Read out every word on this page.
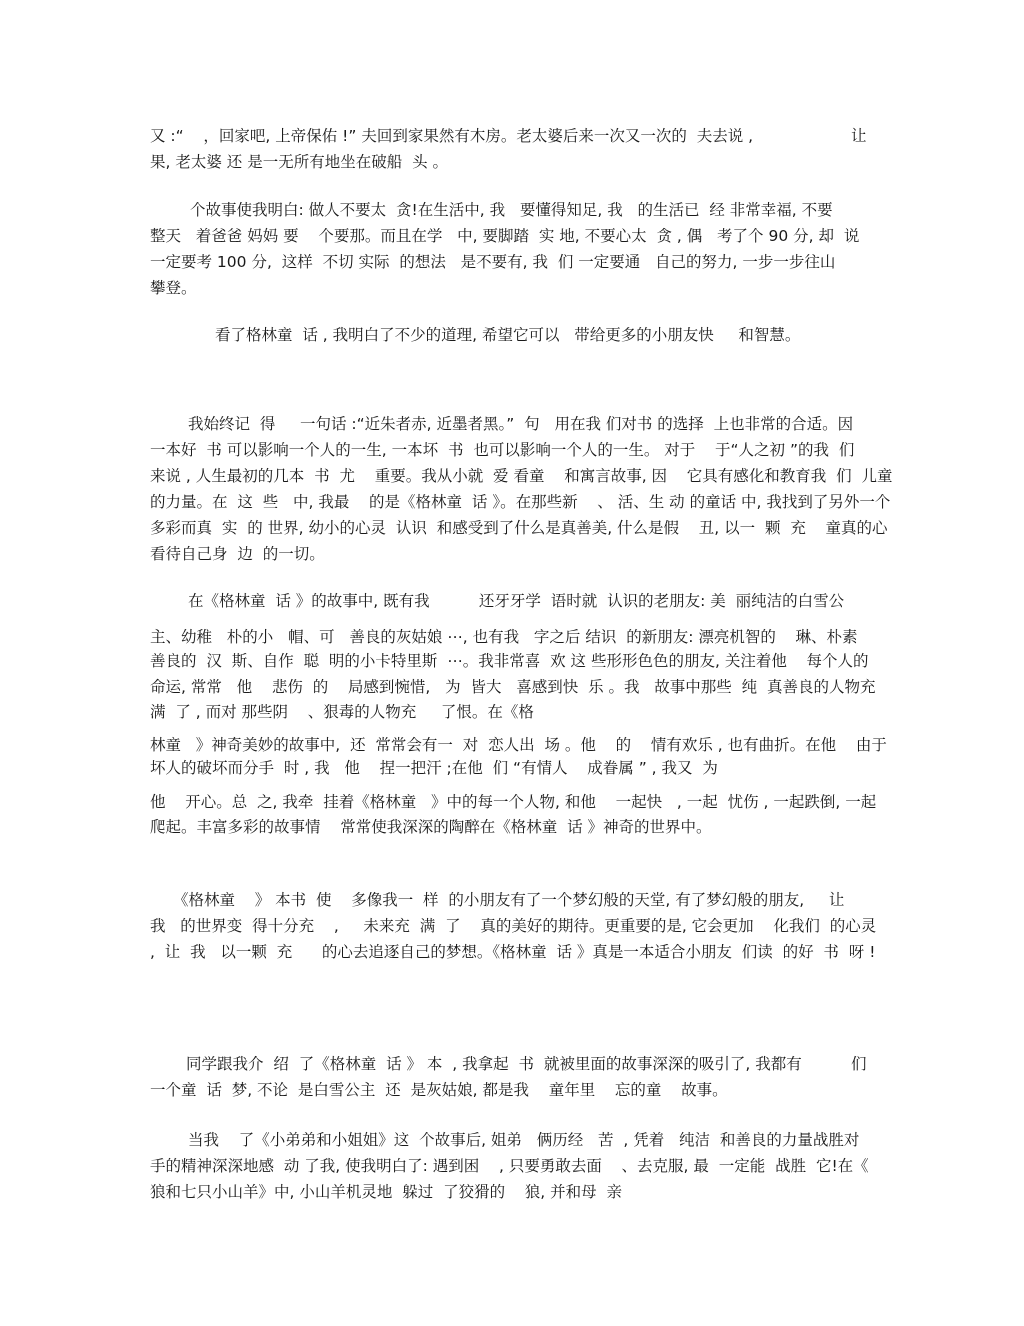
又 :“    ，回家吧, 上帝保佑 !” 夫回到家果然有木房。老太婆后来一次又一次的  夫去说 ,	让
果, 老太婆 还 是一无所有地坐在破船  头 。
个故事使我明白: 做人不要太  贪!在生活中, 我   要懂得知足, 我   的生活已  经 非常幸福, 不要
整天   着爸爸 妈妈 要    个要那。而且在学   中, 要脚踏  实 地, 不要心太  贪 , 偶   考了个 90 分, 却  说
一定要考 100 分,  这样  不切 实际  的想法   是不要有, 我  们 一定要通   自己的努力, 一步一步往山
攀登。
看了格林童  话 , 我明白了不少的道理, 希望它可以   带给更多的小朋友快     和智慧。
我始终记  得     一句话 :“近朱者赤, 近墨者黑。”  句   用在我 们对书 的选择  上也非常的合适。因
一本好  书 可以影响一个人的一生, 一本坏  书  也可以影响一个人的一生。 对于    于“人之初 ”的我  们
来说 , 人生最初的几本  书  尤    重要。我从小就  爱 看童    和寓言故事, 因    它具有感化和教育我  们  儿童
的力量。在  这  些   中, 我最    的是《格林童  话 》。在那些新    、 活、生 动 的童话 中, 我找到了另外一个
多彩而真  实  的 世界, 幼小的心灵  认识  和感受到了什么是真善美, 什么是假    丑, 以一  颗  充    童真的心
看待自己身  边  的一切。
在《格林童  话 》的故事中, 既有我          还牙牙学  语时就  认识的老朋友: 美  丽纯洁的白雪公
主、幼稚   朴的小   帽、可   善良的灰姑娘 ⋯, 也有我   字之后 结识  的新朋友: 漂亮机智的    琳、朴素
善良的  汉  斯、自作  聪  明的小卡特里斯  ⋯。我非常喜  欢 这 些形形色色的朋友, 关注着他    每个人的
命运, 常常   他    悲伤  的    局感到惋惜,   为  皆大   喜感到快  乐 。我   故事中那些  纯  真善良的人物充
满  了 , 而对 那些阴    、狠毒的人物充     了恨。在《格
林童   》神奇美妙的故事中,  还  常常会有一  对  恋人出  场 。他    的    情有欢乐 , 也有曲折。在他    由于
坏人的破坏而分手  时 , 我   他    捏一把汗 ;在他  们 “有情人    成眷属 ” , 我又  为
他    开心。总  之, 我牵  挂着《格林童   》中的每一个人物, 和他    一起快   , 一起  忧伤 , 一起跌倒, 一起
爬起。丰富多彩的故事情    常常使我深深的陶醉在《格林童  话 》神奇的世界中。
《格林童    》 本书  使    多像我一  样  的小朋友有了一个梦幻般的天堂, 有了梦幻般的朋友,     让
我   的世界变  得十分充    ,     未来充  满  了    真的美好的期待。更重要的是, 它会更加    化我们  的心灵
,  让  我   以一颗  充      的心去追逐自己的梦想。《格林童  话 》真是一本适合小朋友  们读  的好  书  呀 !
同学跟我介  绍  了《格林童  话 》 本  , 我拿起  书  就被里面的故事深深的吸引了, 我都有	们
一个童  话  梦, 不论  是白雪公主  还  是灰姑娘, 都是我    童年里    忘的童    故事。
当我    了《小弟弟和小姐姐》这  个故事后, 姐弟   俩历经   苦  , 凭着   纯洁  和善良的力量战胜对
手的精神深深地感  动 了我, 使我明白了: 遇到困    , 只要勇敢去面    、去克服, 最  一定能  战胜  它!在《
狼和七只小山羊》中, 小山羊机灵地  躲过  了狡猾的    狼, 并和母  亲
